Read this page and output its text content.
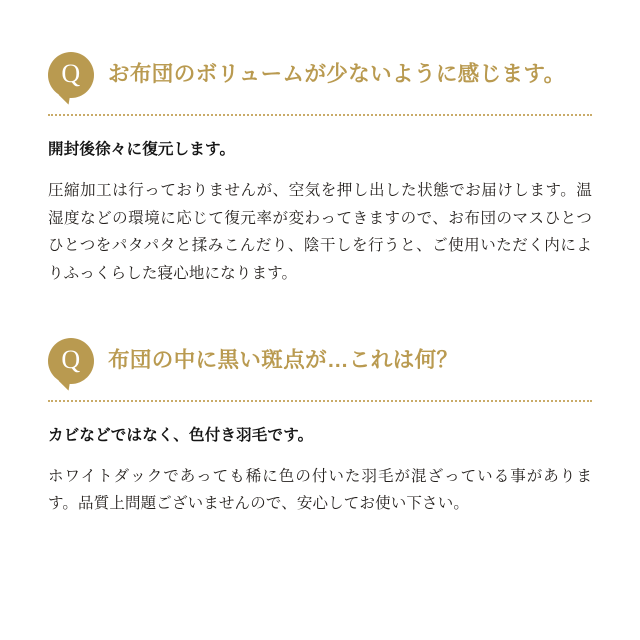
Q お布団のボリュームが少ないように感じます。
開封後徐々に復元します。
圧縮加工は行っておりませんが、空気を押し出した状態でお届けします。温湿度などの環境に応じて復元率が変わってきますので、お布団のマスひとつひとつをパタパタと揉みこんだり、陰干しを行うと、ご使用いただく内によりふっくらした寝心地になります。
Q 布団の中に黒い斑点が…これは何？
カビなどではなく、色付き羽毛です。
ホワイトダックであっても稀に色の付いた羽毛が混ざっている事があります。品質上問題ございませんので、安心してお使い下さい。
